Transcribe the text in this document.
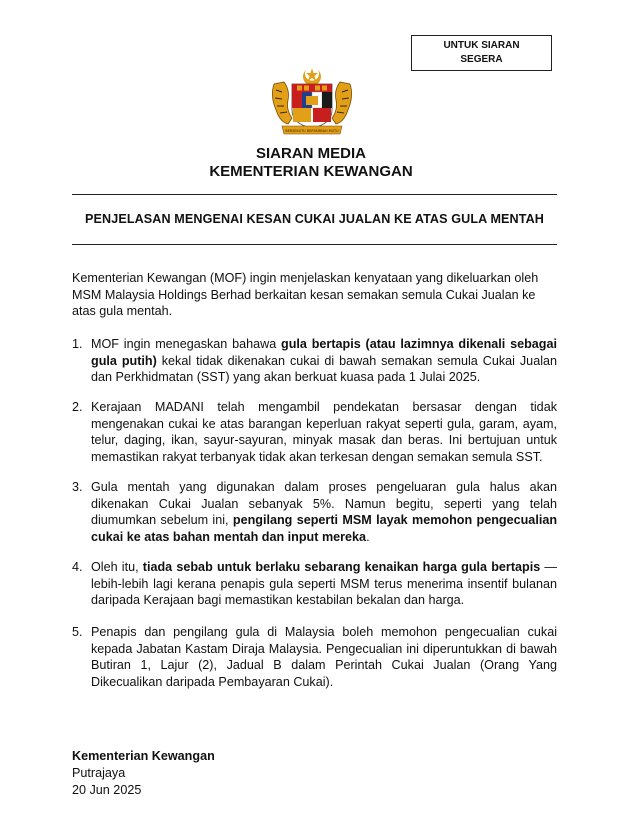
UNTUK SIARAN
SEGERA
BERSEKUTU BERTAMBAH MUTU
SIARAN MEDIA
KEMENTERIAN KEWANGAN
PENJELASAN MENGENAI KESAN CUKAI JUALAN KE ATAS GULA MENTAH
Kementerian Kewangan (MOF) ingin menjelaskan kenyataan yang dikeluarkan oleh MSM Malaysia Holdings Berhad berkaitan kesan semakan semula Cukai Jualan ke atas gula mentah.
1. MOF ingin menegaskan bahawa gula bertapis (atau lazimnya dikenali sebagai gula putih) kekal tidak dikenakan cukai di bawah semakan semula Cukai Jualan dan Perkhidmatan (SST) yang akan berkuat kuasa pada 1 Julai 2025.
2. Kerajaan MADANI telah mengambil pendekatan bersasar dengan tidak mengenakan cukai ke atas barangan keperluan rakyat seperti gula, garam, ayam, telur, daging, ikan, sayur-sayuran, minyak masak dan beras. Ini bertujuan untuk memastikan rakyat terbanyak tidak akan terkesan dengan semakan semula SST.
3. Gula mentah yang digunakan dalam proses pengeluaran gula halus akan dikenakan Cukai Jualan sebanyak 5%. Namun begitu, seperti yang telah diumumkan sebelum ini, pengilang seperti MSM layak memohon pengecualian cukai ke atas bahan mentah dan input mereka.
4. Oleh itu, tiada sebab untuk berlaku sebarang kenaikan harga gula bertapis — lebih-lebih lagi kerana penapis gula seperti MSM terus menerima insentif bulanan daripada Kerajaan bagi memastikan kestabilan bekalan dan harga.
5. Penapis dan pengilang gula di Malaysia boleh memohon pengecualian cukai kepada Jabatan Kastam Diraja Malaysia. Pengecualian ini diperuntukkan di bawah Butiran 1, Lajur (2), Jadual B dalam Perintah Cukai Jualan (Orang Yang Dikecualikan daripada Pembayaran Cukai).
Kementerian Kewangan
Putrajaya
20 Jun 2025
